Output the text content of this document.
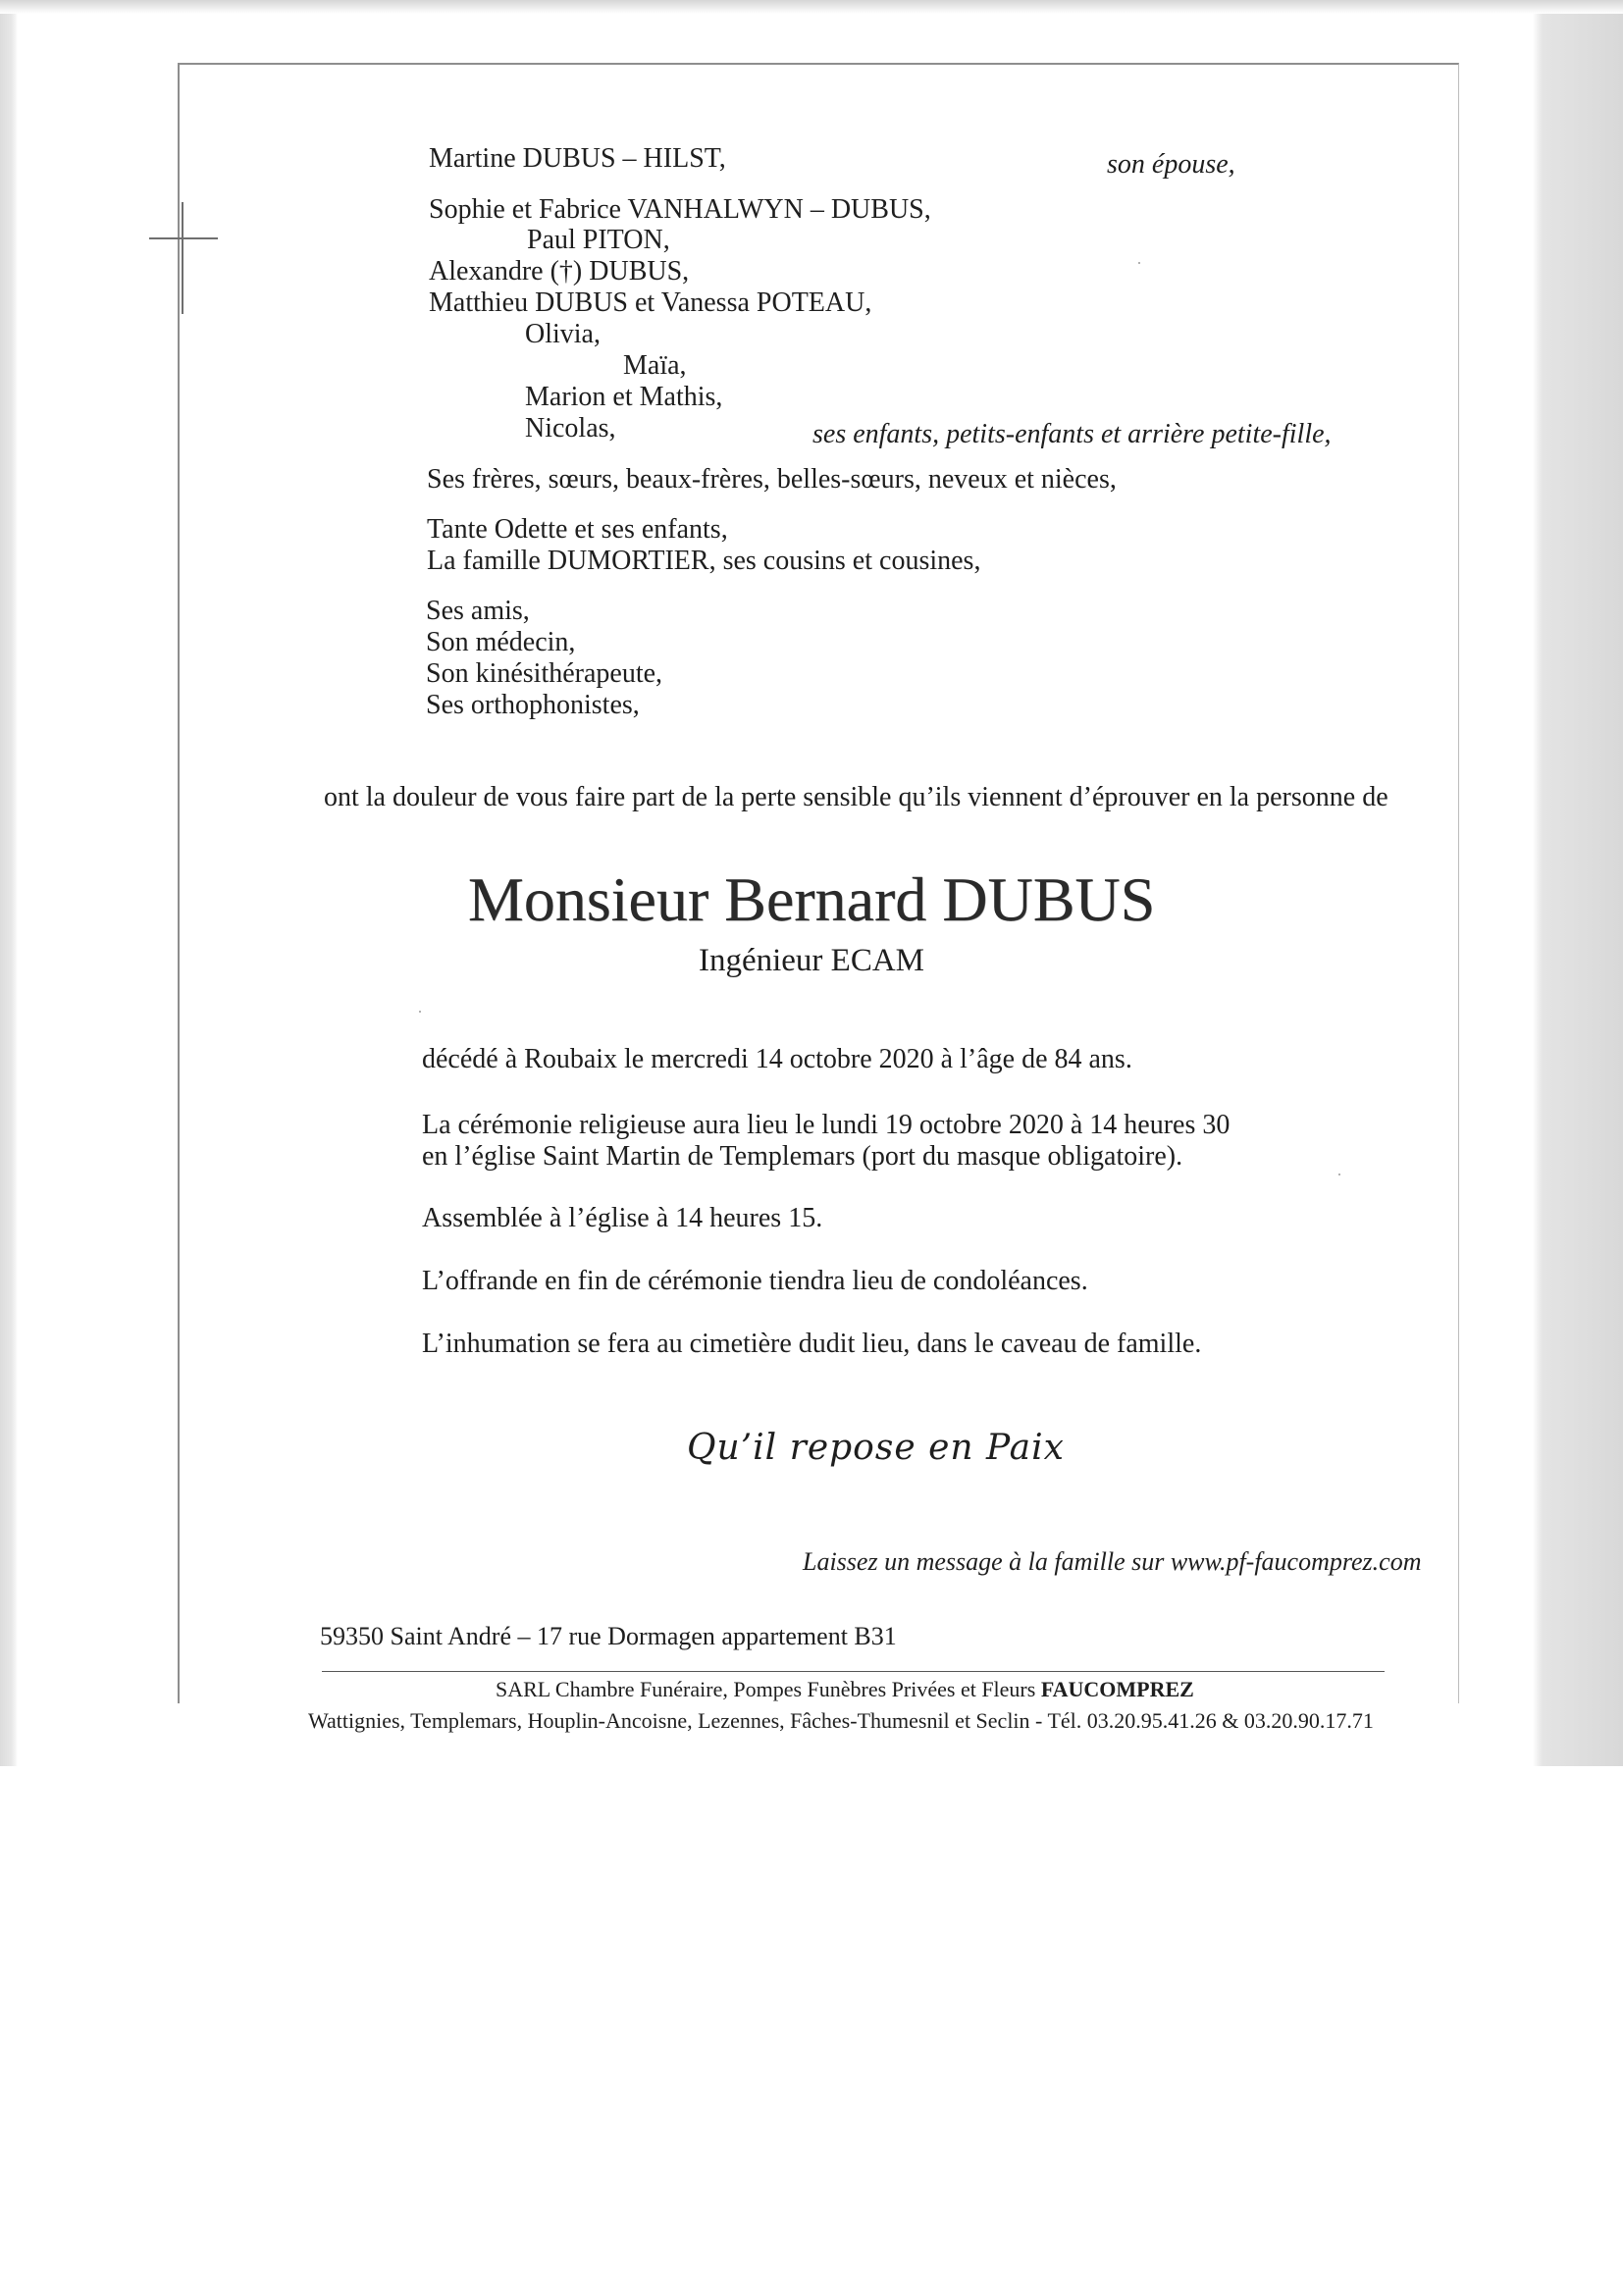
Martine DUBUS – HILST,	son épouse,
Sophie et Fabrice VANHALWYN – DUBUS,
Paul PITON,
Alexandre (†) DUBUS,
Matthieu DUBUS et Vanessa POTEAU,
Olivia,
Maïa,
Marion et Mathis,
Nicolas,	ses enfants, petits-enfants et arrière petite-fille,
Ses frères, sœurs, beaux-frères, belles-sœurs, neveux et nièces,
Tante Odette et ses enfants,
La famille DUMORTIER, ses cousins et cousines,
Ses amis,
Son médecin,
Son kinésithérapeute,
Ses orthophonistes,
ont la douleur de vous faire part de la perte sensible qu’ils viennent d’éprouver en la personne de
Monsieur Bernard DUBUS
Ingénieur ECAM
décédé à Roubaix le mercredi 14 octobre 2020 à l’âge de 84 ans.
La cérémonie religieuse aura lieu le lundi 19 octobre 2020 à 14 heures 30
en l’église Saint Martin de Templemars (port du masque obligatoire).
Assemblée à l’église à 14 heures 15.
L’offrande en fin de cérémonie tiendra lieu de condoléances.
L’inhumation se fera au cimetière dudit lieu, dans le caveau de famille.
Qu’il repose en Paix
Laissez un message à la famille sur www.pf-faucomprez.com
59350 Saint André – 17 rue Dormagen appartement B31
SARL Chambre Funéraire, Pompes Funèbres Privées et Fleurs FAUCOMPREZ
Wattignies, Templemars, Houplin-Ancoisne, Lezennes, Fâches-Thumesnil et Seclin - Tél. 03.20.95.41.26 & 03.20.90.17.71
